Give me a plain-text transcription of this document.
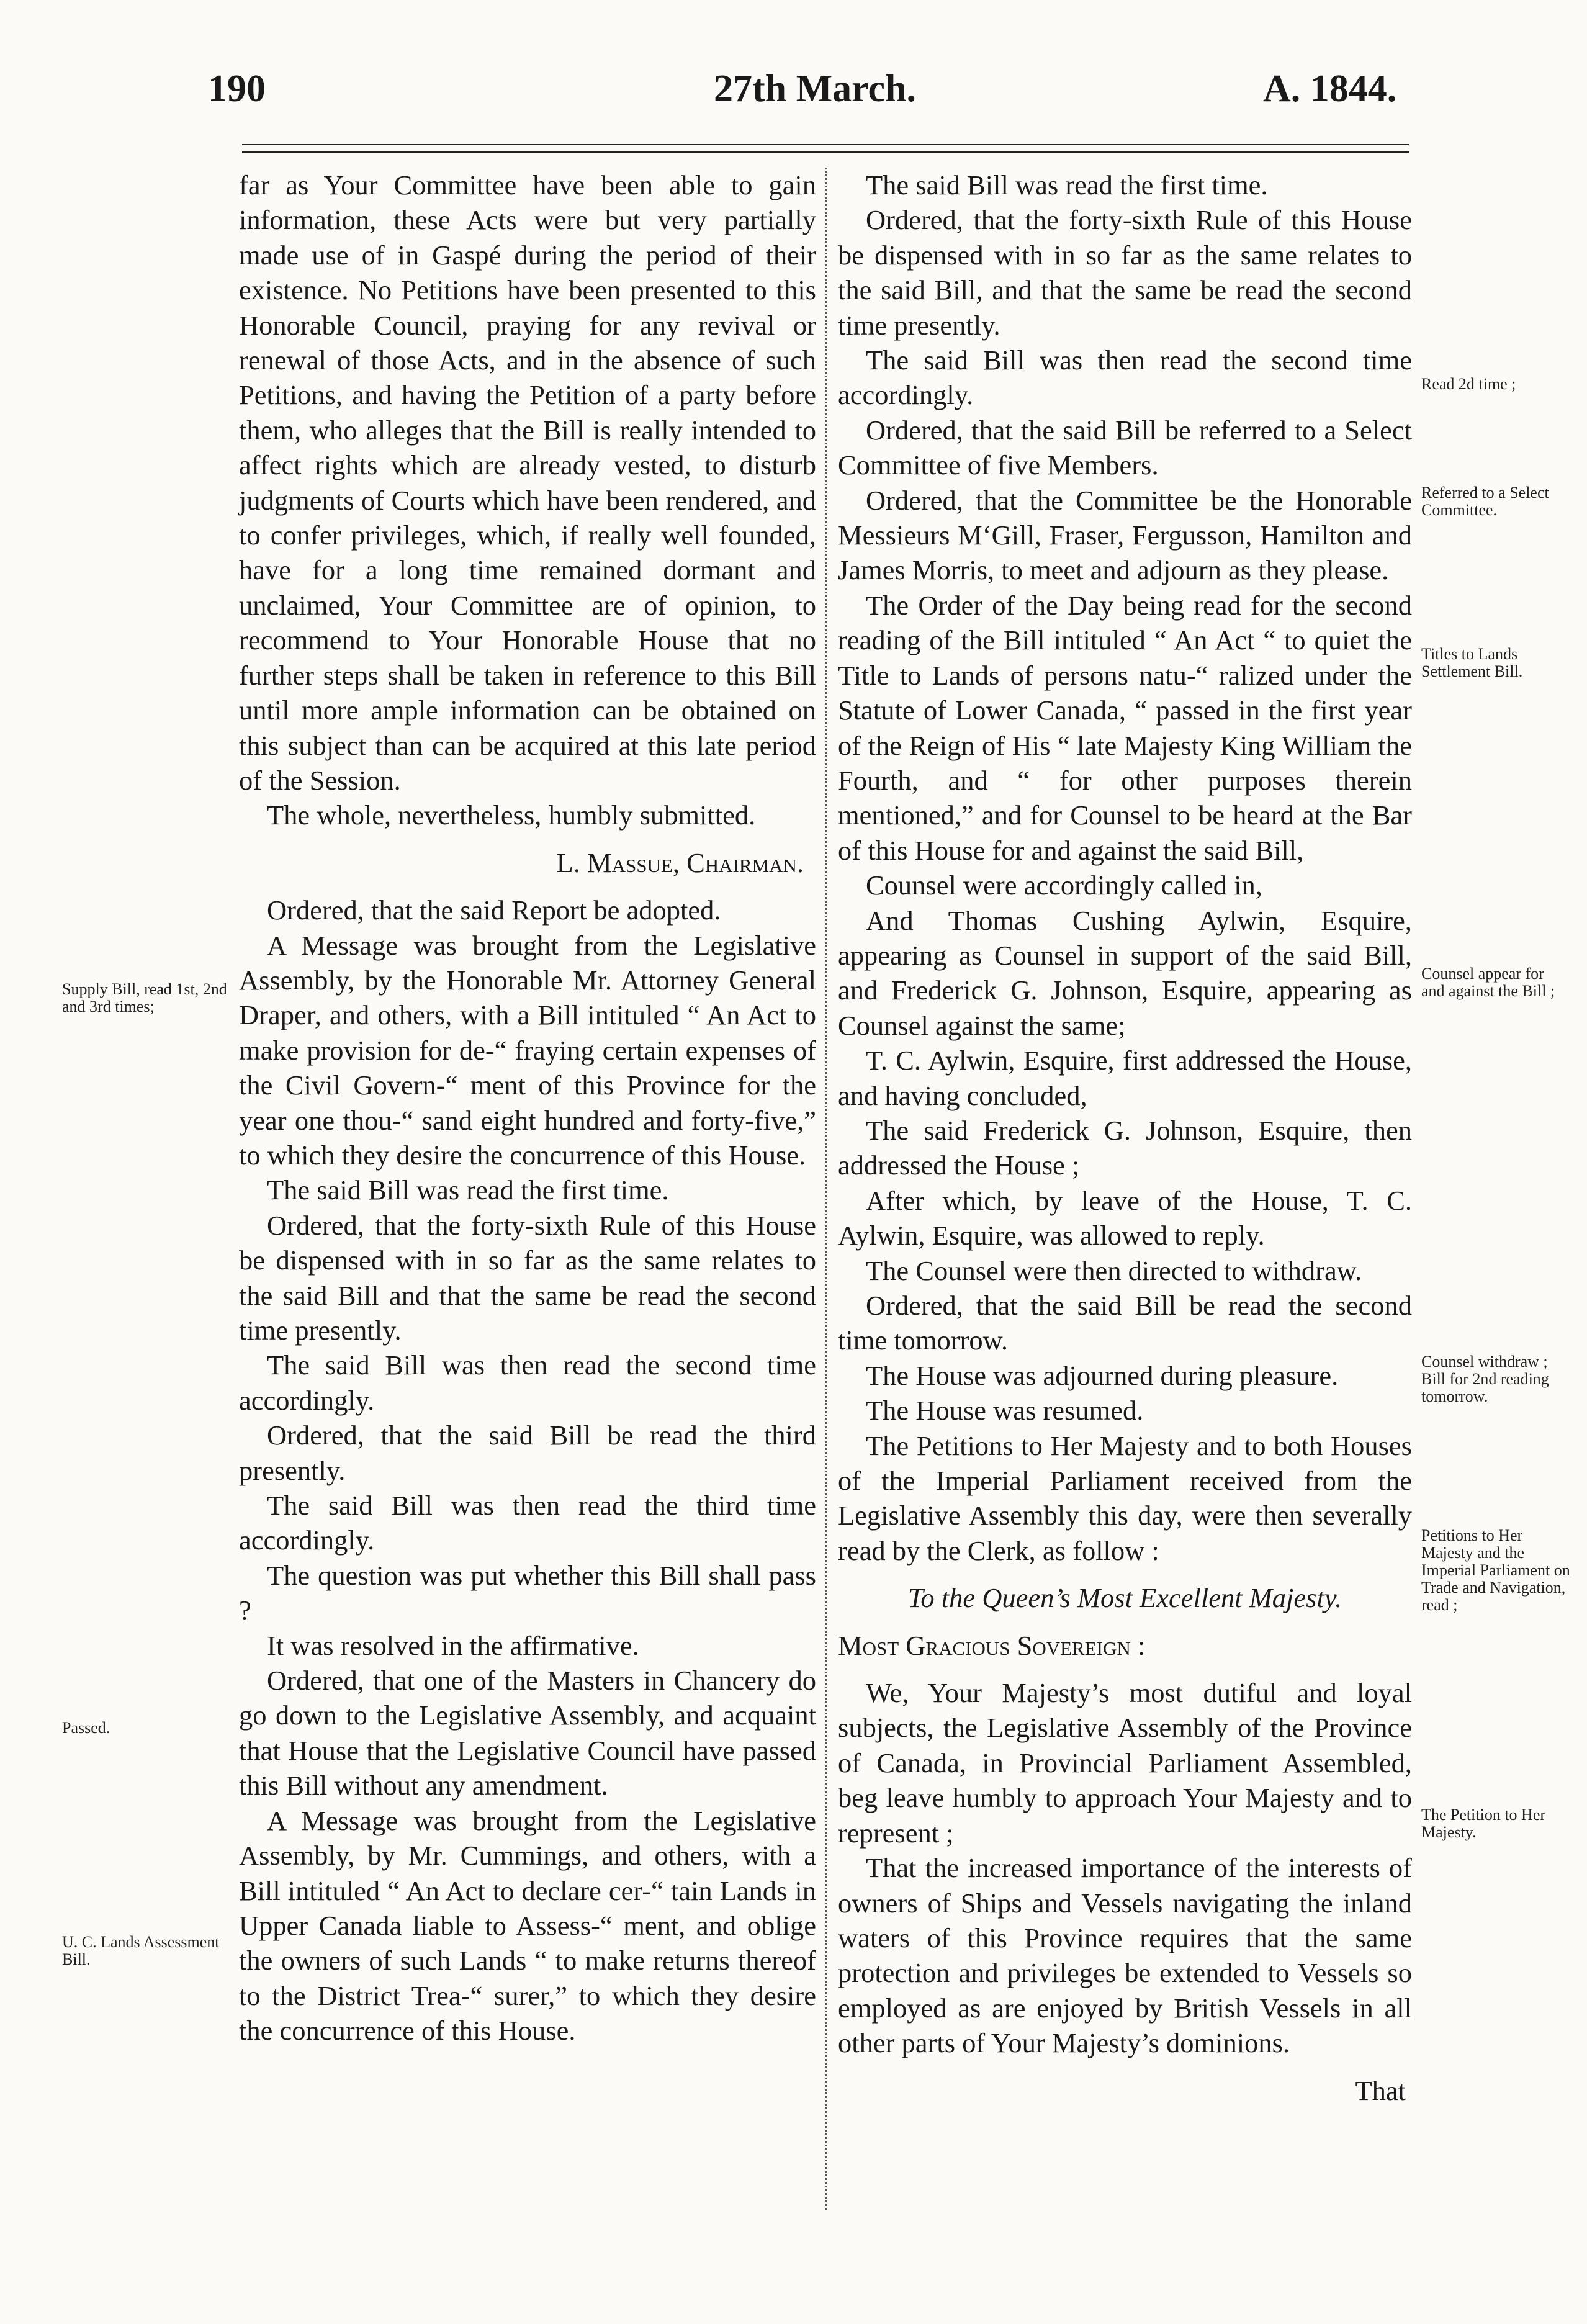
190	27th March.	A. 1844.

far as Your Committee have been able to gain information, these Acts were but very partially made use of in Gaspé during the period of their existence. No Petitions have been presented to this Honorable Council, praying for any revival or renewal of those Acts, and in the absence of such Petitions, and having the Petition of a party before them, who alleges that the Bill is really intended to affect rights which are already vested, to disturb judgments of Courts which have been rendered, and to confer privileges, which, if really well founded, have for a long time remained dormant and unclaimed, Your Committee are of opinion, to recommend to Your Honorable House that no further steps shall be taken in reference to this Bill until more ample information can be obtained on this subject than can be acquired at this late period of the Session.

The whole, nevertheless, humbly submitted.

L. Massue, Chairman.

Ordered, that the said Report be adopted.

A Message was brought from the Legislative Assembly, by the Honorable Mr. Attorney General Draper, and others, with a Bill intituled “ An Act to make provision for de-“ fraying certain expenses of the Civil Govern-“ ment of this Province for the year one thou-“ sand eight hundred and forty-five,” to which they desire the concurrence of this House.

The said Bill was read the first time.

Ordered, that the forty-sixth Rule of this House be dispensed with in so far as the same relates to the said Bill and that the same be read the second time presently.

The said Bill was then read the second time accordingly.

Ordered, that the said Bill be read the third presently.

The said Bill was then read the third time accordingly.

The question was put whether this Bill shall pass ?

It was resolved in the affirmative.

Ordered, that one of the Masters in Chancery do go down to the Legislative Assembly, and acquaint that House that the Legislative Council have passed this Bill without any amendment.

A Message was brought from the Legislative Assembly, by Mr. Cummings, and others, with a Bill intituled “ An Act to declare cer-“ tain Lands in Upper Canada liable to Assess-“ ment, and oblige the owners of such Lands “ to make returns thereof to the District Trea-“ surer,” to which they desire the concurrence of this House.

The said Bill was read the first time.

Ordered, that the forty-sixth Rule of this House be dispensed with in so far as the same relates to the said Bill, and that the same be read the second time presently.

The said Bill was then read the second time accordingly.

Ordered, that the said Bill be referred to a Select Committee of five Members.

Ordered, that the Committee be the Honorable Messieurs M‘Gill, Fraser, Fergusson, Hamilton and James Morris, to meet and adjourn as they please.

The Order of the Day being read for the second reading of the Bill intituled “ An Act “ to quiet the Title to Lands of persons natu-“ ralized under the Statute of Lower Canada, “ passed in the first year of the Reign of His “ late Majesty King William the Fourth, and “ for other purposes therein mentioned,” and for Counsel to be heard at the Bar of this House for and against the said Bill,

Counsel were accordingly called in,

And Thomas Cushing Aylwin, Esquire, appearing as Counsel in support of the said Bill, and Frederick G. Johnson, Esquire, appearing as Counsel against the same;

T. C. Aylwin, Esquire, first addressed the House, and having concluded,

The said Frederick G. Johnson, Esquire, then addressed the House ;

After which, by leave of the House, T. C. Aylwin, Esquire, was allowed to reply.

The Counsel were then directed to withdraw.

Ordered, that the said Bill be read the second time tomorrow.

The House was adjourned during pleasure.

The House was resumed.

The Petitions to Her Majesty and to both Houses of the Imperial Parliament received from the Legislative Assembly this day, were then severally read by the Clerk, as follow :

To the Queen’s Most Excellent Majesty.

Most Gracious Sovereign :

We, Your Majesty’s most dutiful and loyal subjects, the Legislative Assembly of the Province of Canada, in Provincial Parliament Assembled, beg leave humbly to approach Your Majesty and to represent ;

That the increased importance of the interests of owners of Ships and Vessels navigating the inland waters of this Province requires that the same protection and privileges be extended to Vessels so employed as are enjoyed by British Vessels in all other parts of Your Majesty’s dominions.

That

Supply Bill, read 1st, 2nd and 3rd times;
Passed.
U. C. Lands Assessment Bill.
Read 2d time ;
Referred to a Select Committee.
Titles to Lands Settlement Bill.
Counsel appear for and against the Bill ;
Counsel withdraw ; Bill for 2nd reading tomorrow.
Petitions to Her Majesty and the Imperial Parliament on Trade and Navigation, read ;
The Petition to Her Majesty.
